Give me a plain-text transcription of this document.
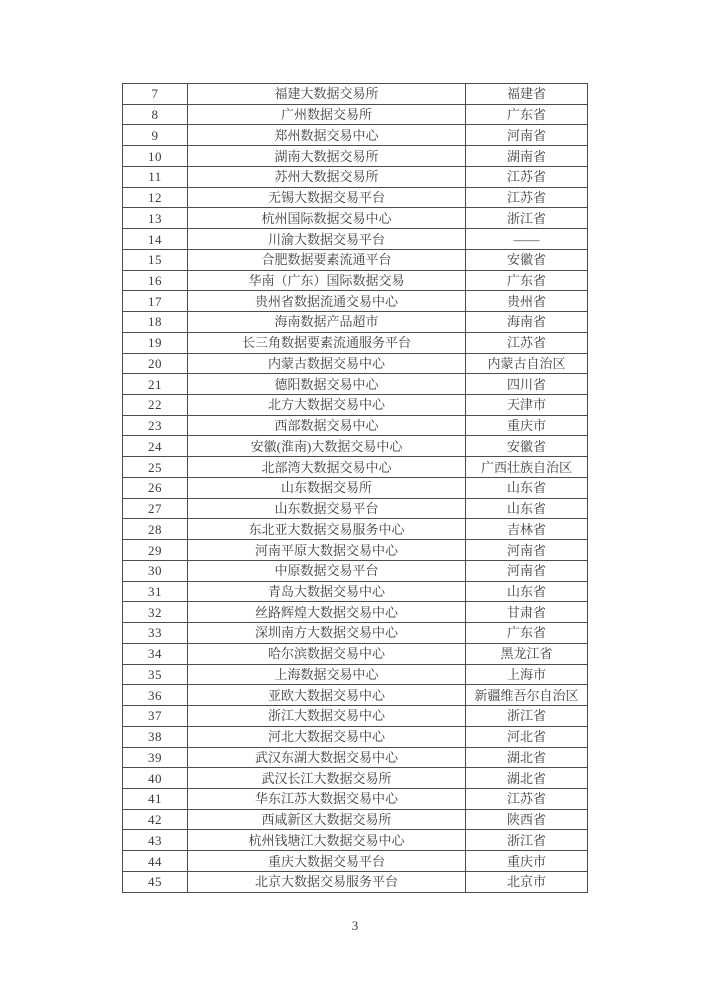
7	福建大数据交易所	福建省
8	广州数据交易所	广东省
9	郑州数据交易中心	河南省
10	湖南大数据交易所	湖南省
11	苏州大数据交易所	江苏省
12	无锡大数据交易平台	江苏省
13	杭州国际数据交易中心	浙江省
14	川渝大数据交易平台	——
15	合肥数据要素流通平台	安徽省
16	华南（广东）国际数据交易	广东省
17	贵州省数据流通交易中心	贵州省
18	海南数据产品超市	海南省
19	长三角数据要素流通服务平台	江苏省
20	内蒙古数据交易中心	内蒙古自治区
21	德阳数据交易中心	四川省
22	北方大数据交易中心	天津市
23	西部数据交易中心	重庆市
24	安徽(淮南)大数据交易中心	安徽省
25	北部湾大数据交易中心	广西壮族自治区
26	山东数据交易所	山东省
27	山东数据交易平台	山东省
28	东北亚大数据交易服务中心	吉林省
29	河南平原大数据交易中心	河南省
30	中原数据交易平台	河南省
31	青岛大数据交易中心	山东省
32	丝路辉煌大数据交易中心	甘肃省
33	深圳南方大数据交易中心	广东省
34	哈尔滨数据交易中心	黑龙江省
35	上海数据交易中心	上海市
36	亚欧大数据交易中心	新疆维吾尔自治区
37	浙江大数据交易中心	浙江省
38	河北大数据交易中心	河北省
39	武汉东湖大数据交易中心	湖北省
40	武汉长江大数据交易所	湖北省
41	华东江苏大数据交易中心	江苏省
42	西咸新区大数据交易所	陕西省
43	杭州钱塘江大数据交易中心	浙江省
44	重庆大数据交易平台	重庆市
45	北京大数据交易服务平台	北京市
3
